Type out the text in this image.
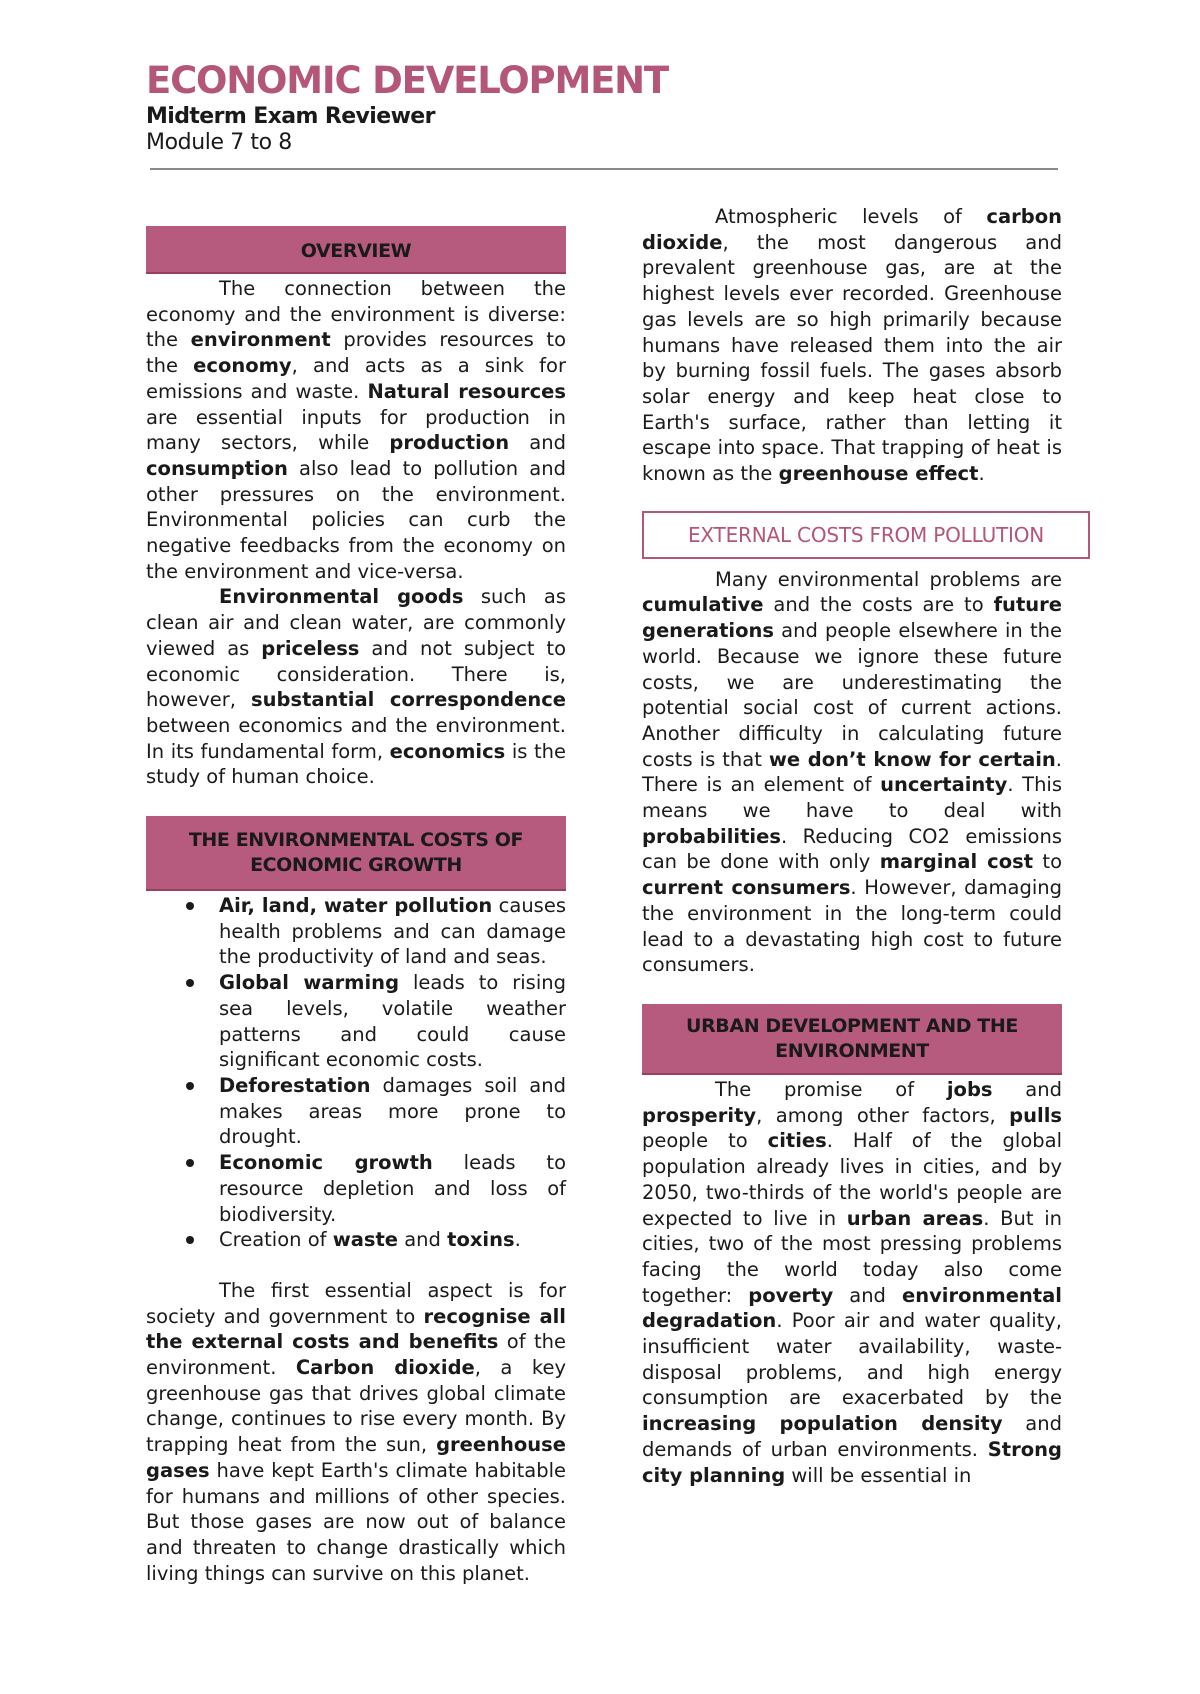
ECONOMIC DEVELOPMENT

Midterm Exam Reviewer

Module 7 to 8

OVERVIEW

The connection between the economy and the environment is diverse: the environment provides resources to the economy, and acts as a sink for emissions and waste. Natural resources are essential inputs for production in many sectors, while production and consumption also lead to pollution and other pressures on the environment. Environmental policies can curb the negative feedbacks from the economy on the environment and vice-versa.

Environmental goods such as clean air and clean water, are commonly viewed as priceless and not subject to economic consideration. There is, however, substantial correspondence between economics and the environment. In its fundamental form, economics is the study of human choice.

THE ENVIRONMENTAL COSTS OF
ECONOMIC GROWTH
Air, land, water pollution causes health problems and can damage the productivity of land and seas.
Global warming leads to rising sea levels, volatile weather patterns and could cause significant economic costs.
Deforestation damages soil and makes areas more prone to drought.
Economic growth leads to resource depletion and loss of biodiversity.
Creation of waste and toxins.

The first essential aspect is for society and government to recognise all the external costs and benefits of the environment. Carbon dioxide, a key greenhouse gas that drives global climate change, continues to rise every month. By trapping heat from the sun, greenhouse gases have kept Earth's climate habitable for humans and millions of other species. But those gases are now out of balance and threaten to change drastically which living things can survive on this planet.

Atmospheric levels of carbon dioxide, the most dangerous and prevalent greenhouse gas, are at the highest levels ever recorded. Greenhouse gas levels are so high primarily because humans have released them into the air by burning fossil fuels. The gases absorb solar energy and keep heat close to Earth's surface, rather than letting it escape into space. That trapping of heat is known as the greenhouse effect.

EXTERNAL COSTS FROM POLLUTION

Many environmental problems are cumulative and the costs are to future generations and people elsewhere in the world. Because we ignore these future costs, we are underestimating the potential social cost of current actions. Another difficulty in calculating future costs is that we don’t know for certain. There is an element of uncertainty. This means we have to deal with probabilities. Reducing CO2 emissions can be done with only marginal cost to current consumers. However, damaging the environment in the long-term could lead to a devastating high cost to future consumers.

URBAN DEVELOPMENT AND THE
ENVIRONMENT

The promise of jobs and prosperity, among other factors, pulls people to cities. Half of the global population already lives in cities, and by 2050, two-thirds of the world's people are expected to live in urban areas. But in cities, two of the most pressing problems facing the world today also come together: poverty and environmental degradation. Poor air and water quality, insufficient water availability, waste-disposal problems, and high energy consumption are exacerbated by the increasing population density and demands of urban environments. Strong city planning will be essential in
